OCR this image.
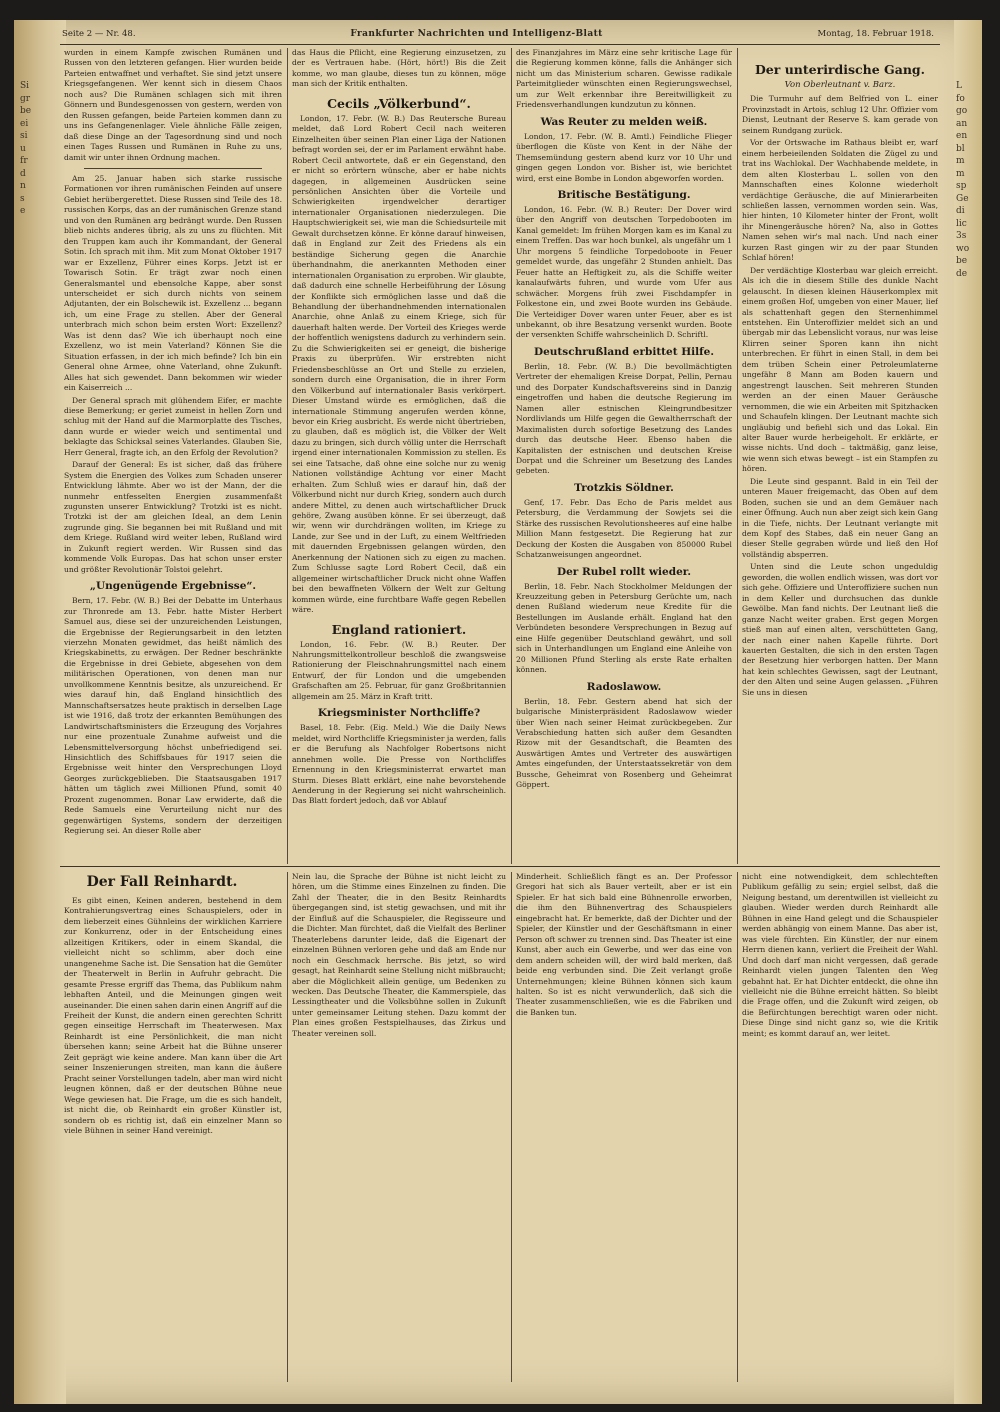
Si
gr
be
ei
si
u
fr
d
n
s
e
L
fo
go
an
en
bl
m
m
sp
Ge
di
lic
3s
wo
be
de
Seite 2 — Nr. 48.	Frankfurter Nachrichten und Intelligenz-Blatt	Montag, 18. Februar 1918.

wurden in einem Kampfe zwischen Rumänen und Russen von den letzteren gefangen. Hier wurden beide Parteien entwaffnet und verhaftet. Sie sind jetzt unsere Kriegsgefangenen. Wer kennt sich in diesem Chaos noch aus? Die Rumänen schlagen sich mit ihren Gönnern und Bundesgenossen von gestern, werden von den Russen gefangen, beide Parteien kommen dann zu uns ins Gefangenenlager. Viele ähnliche Fälle zeigen, daß diese Dinge an der Tagesordnung sind und noch einen Tages Russen und Rumänen in Ruhe zu uns, damit wir unter ihnen Ordnung machen.

Am 25. Januar haben sich starke russische Formationen vor ihren rumänischen Feinden auf unsere Gebiet herübergerettet. Diese Russen sind Teile des 18. russischen Korps, das an der rumänischen Grenze stand und von den Rumänen arg bedrängt wurde. Den Russen blieb nichts anderes übrig, als zu uns zu flüchten. Mit den Truppen kam auch ihr Kommandant, der General Sotin. Ich sprach mit ihm. Mit zum Monat Oktober 1917 war er Exzellenz, Führer eines Korps. Jetzt ist er Towarisch Sotin. Er trägt zwar noch einen Generalsmantel und ebensolche Kappe, aber sonst unterscheidet er sich durch nichts von seinem Adjutanten, der ein Bolschewik ist. Exzellenz ... begann ich, um eine Frage zu stellen. Aber der General unterbrach mich schon beim ersten Wort: Exzellenz? Was ist denn das? Wie ich überhaupt noch eine Exzellenz, wo ist mein Vaterland? Können Sie die Situation erfassen, in der ich mich befinde? Ich bin ein General ohne Armee, ohne Vaterland, ohne Zukunft. Alles hat sich gewendet. Dann bekommen wir wieder ein Kaiserreich ...

Der General sprach mit glühendem Eifer, er machte diese Bemerkung; er geriet zumeist in hellen Zorn und schlug mit der Hand auf die Marmorplatte des Tisches, dann wurde er wieder weich und sentimental und beklagte das Schicksal seines Vaterlandes. Glauben Sie, Herr General, fragte ich, an den Erfolg der Revolution?

Darauf der General: Es ist sicher, daß das frühere System die Energien des Volkes zum Schaden unserer Entwicklung lähmte. Aber wo ist der Mann, der die nunmehr entfesselten Energien zusammenfaßt zugunsten unserer Entwicklung? Trotzki ist es nicht. Trotzki ist der am gleichen Ideal, an dem Lenin zugrunde ging. Sie begannen bei mit Rußland und mit dem Kriege. Rußland wird weiter leben, Rußland wird in Zukunft regiert werden. Wir Russen sind das kommende Volk Europas. Das hat schon unser erster und größter Revolutionär Tolstoi gelehrt.

„Ungenügende Ergebnisse“.

Bern, 17. Febr. (W. B.) Bei der Debatte im Unterhaus zur Thronrede am 13. Febr. hatte Mister Herbert Samuel aus, diese sei der unzureichenden Leistungen, die Ergebnisse der Regierungsarbeit in den letzten vierzehn Monaten gewidmet, das heißt nämlich des Kriegskabinetts, zu erwägen. Der Redner beschränkte die Ergebnisse in drei Gebiete, abgesehen von dem militärischen Operationen, von denen man nur unvollkommene Kenntnis besitze, als unzureichend. Er wies darauf hin, daß England hinsichtlich des Mannschaftsersatzes heute praktisch in derselben Lage ist wie 1916, daß trotz der erkannten Bemühungen des Landwirtschaftsministers die Erzeugung des Vorjahres nur eine prozentuale Zunahme aufweist und die Lebensmittelversorgung höchst unbefriedigend sei. Hinsichtlich des Schiffsbaues für 1917 seien die Ergebnisse weit hinter den Versprechungen Lloyd Georges zurückgeblieben. Die Staatsausgaben 1917 hätten um täglich zwei Millionen Pfund, somit 40 Prozent zugenommen. Bonar Law erwiderte, daß die Rede Samuels eine Verurteilung nicht nur des gegenwärtigen Systems, sondern der derzeitigen Regierung sei. An dieser Rolle aber

das Haus die Pflicht, eine Regierung einzusetzen, zu der es Vertrauen habe. (Hört, hört!) Bis die Zeit komme, wo man glaube, dieses tun zu können, möge man sich der Kritik enthalten.

Cecils „Völkerbund“.

London, 17. Febr. (W. B.) Das Reutersche Bureau meldet, daß Lord Robert Cecil nach weiteren Einzelheiten über seinen Plan einer Liga der Nationen befragt worden sei, der er im Parlament erwähnt habe. Robert Cecil antwortete, daß er ein Gegenstand, den er nicht so erörtern wünsche, aber er habe nichts dagegen, in allgemeinen Ausdrücken seine persönlichen Ansichten über die Vorteile und Schwierigkeiten irgendwelcher derartiger internationaler Organisationen niederzulegen. Die Hauptschwierigkeit sei, wie man die Schiedsurteile mit Gewalt durchsetzen könne. Er könne darauf hinweisen, daß in England zur Zeit des Friedens als ein beständige Sicherung gegen die Anarchie überhandnahm, die anerkannten Methoden einer internationalen Organisation zu erproben. Wir glaubte, daß dadurch eine schnelle Herbeiführung der Lösung der Konflikte sich ermöglichen lasse und daß die Behandlung der überhandnehmenden internationalen Anarchie, ohne Anlaß zu einem Kriege, sich für dauerhaft halten werde. Der Vorteil des Krieges werde der hoffentlich wenigstens dadurch zu verhindern sein. Zu die Schwierigkeiten sei er geneigt, die bisherige Praxis zu überprüfen. Wir erstrebten nicht Friedensbeschlüsse an Ort und Stelle zu erzielen, sondern durch eine Organisation, die in ihrer Form den Völkerbund auf internationaler Basis verkörpert. Dieser Umstand würde es ermöglichen, daß die internationale Stimmung angerufen werden könne, bevor ein Krieg ausbricht. Es werde nicht übertrieben, zu glauben, daß es möglich ist, die Völker der Welt dazu zu bringen, sich durch völlig unter die Herrschaft irgend einer internationalen Kommission zu stellen. Es sei eine Tatsache, daß ohne eine solche nur zu wenig Nationen vollständige Achtung vor einer Macht erhalten. Zum Schluß wies er darauf hin, daß der Völkerbund nicht nur durch Krieg, sondern auch durch andere Mittel, zu denen auch wirtschaftlicher Druck gehöre, Zwang ausüben könne. Er sei überzeugt, daß wir, wenn wir durchdrängen wollten, im Kriege zu Lande, zur See und in der Luft, zu einem Weltfrieden mit dauernden Ergebnissen gelangen würden, den Anerkennung der Nationen sich zu eigen zu machen. Zum Schlusse sagte Lord Robert Cecil, daß ein allgemeiner wirtschaftlicher Druck nicht ohne Waffen bei den bewaffneten Völkern der Welt zur Geltung kommen würde, eine furchtbare Waffe gegen Rebellen wäre.

England rationiert.

London, 16. Febr. (W. B.) Reuter. Der Nahrungsmittelkontrolleur beschloß die zwangsweise Rationierung der Fleischnahrungsmittel nach einem Entwurf, der für London und die umgebenden Grafschaften am 25. Februar, für ganz Großbritannien allgemein am 25. März in Kraft tritt.

Kriegsminister Northcliffe?

Basel, 18. Febr. (Eig. Meld.) Wie die Daily News meldet, wird Northcliffe Kriegsminister ja werden, falls er die Berufung als Nachfolger Robertsons nicht annehmen wolle. Die Presse von Northcliffes Ernennung in den Kriegsministerrat erwartet man Sturm. Dieses Blatt erklärt, eine nahe bevorstehende Aenderung in der Regierung sei nicht wahrscheinlich. Das Blatt fordert jedoch, daß vor Ablauf

des Finanzjahres im März eine sehr kritische Lage für die Regierung kommen könne, falls die Anhänger sich nicht um das Ministerium scharen. Gewisse radikale Parteimitglieder wünschten einen Regierungswechsel, um zur Welt erkennbar ihre Bereitwilligkeit zu Friedensverhandlungen kundzutun zu können.

Was Reuter zu melden weiß.

London, 17. Febr. (W. B. Amtl.) Feindliche Flieger überflogen die Küste von Kent in der Nähe der Themsemündung gestern abend kurz vor 10 Uhr und gingen gegen London vor. Bisher ist, wie berichtet wird, erst eine Bombe in London abgeworfen worden.

Britische Bestätigung.

London, 16. Febr. (W. B.) Reuter: Der Dover wird über den Angriff von deutschen Torpedobooten im Kanal gemeldet: Im frühen Morgen kam es im Kanal zu einem Treffen. Das war hoch bunkel, als ungefähr um 1 Uhr morgens 5 feindliche Torpedoboote in Feuer gemeldet wurde, das ungefähr 2 Stunden anhielt. Das Feuer hatte an Heftigkeit zu, als die Schiffe weiter kanalaufwärts fuhren, und wurde vom Ufer aus schwächer. Morgens früh zwei Fischdampfer in Folkestone ein, und zwei Boote wurden ins Gebäude. Die Verteidiger Dover waren unter Feuer, aber es ist unbekannt, ob ihre Besatzung versenkt wurden. Boote der versenkten Schiffe wahrscheinlich D. Schriftl.

Deutschrußland erbittet Hilfe.

Berlin, 18. Febr. (W. B.) Die bevollmächtigten Vertreter der ehemaligen Kreise Dorpat, Pellin, Pernau und des Dorpater Kundschaftsvereins sind in Danzig eingetroffen und haben die deutsche Regierung im Namen aller estnischen Kleingrundbesitzer Nordlivlands um Hilfe gegen die Gewaltherrschaft der Maximalisten durch sofortige Besetzung des Landes durch das deutsche Heer. Ebenso haben die Kapitalisten der estnischen und deutschen Kreise Dorpat und die Schreiner um Besetzung des Landes gebeten.

Trotzkis Söldner.

Genf, 17. Febr. Das Echo de Paris meldet aus Petersburg, die Verdammung der Sowjets sei die Stärke des russischen Revolutionsheeres auf eine halbe Million Mann festgesetzt. Die Regierung hat zur Deckung der Kosten die Ausgaben von 850000 Rubel Schatzanweisungen angeordnet.

Der Rubel rollt wieder.

Berlin, 18. Febr. Nach Stockholmer Meldungen der Kreuzzeitung geben in Petersburg Gerüchte um, nach denen Rußland wiederum neue Kredite für die Bestellungen im Auslande erhält. England hat den Verbündeten besondere Versprechungen in Bezug auf eine Hilfe gegenüber Deutschland gewährt, und soll sich in Unterhandlungen um England eine Anleihe von 20 Millionen Pfund Sterling als erste Rate erhalten können.

Radoslawow.

Berlin, 18. Febr. Gestern abend hat sich der bulgarische Ministerpräsident Radoslawow wieder über Wien nach seiner Heimat zurückbegeben. Zur Verabschiedung hatten sich außer dem Gesandten Rizow mit der Gesandtschaft, die Beamten des Auswärtigen Amtes und Vertreter des auswärtigen Amtes eingefunden, der Unterstaatssekretär von dem Bussche, Geheimrat von Rosenberg und Geheimrat Göppert.

Der unterirdische Gang.
Von Oberleutnant v. Barz.

Die Turmuhr auf dem Belfried von L. einer Provinzstadt in Artois, schlug 12 Uhr. Offizier vom Dienst, Leutnant der Reserve S. kam gerade von seinem Rundgang zurück.

Vor der Ortswache im Rathaus bleibt er, warf einem herbeieilenden Soldaten die Zügel zu und trat ins Wachlokal. Der Wachhabende meldete, in dem alten Klosterbau L. sollen von den Mannschaften eines Kolonne wiederholt verdächtige Geräusche, die auf Minierarbeiten schließen lassen, vernommen worden sein. Was, hier hinten, 10 Kilometer hinter der Front, wollt ihr Minengeräusche hören? Na, also in Gottes Namen sehen wir's mal nach. Und nach einer kurzen Rast gingen wir zu der paar Stunden Schlaf hören!

Der verdächtige Klosterbau war gleich erreicht. Als ich die in diesem Stille des dunkle Nacht gelauscht. In diesen kleinen Häuserkomplex mit einem großen Hof, umgeben von einer Mauer, lief als schattenhaft gegen den Sternenhimmel entstehen. Ein Unteroffizier meldet sich an und übergab mir das Lebenslicht voraus, nur was leise Klirren seiner Sporen kann ihn nicht unterbrechen. Er führt in einen Stall, in dem bei dem trüben Schein einer Petroleumlaterne ungefähr 8 Mann am Boden kauern und angestrengt lauschen. Seit mehreren Stunden werden an der einen Mauer Geräusche vernommen, die wie ein Arbeiten mit Spitzhacken und Schaufeln klingen. Der Leutnant machte sich ungläubig und befiehl sich und das Lokal. Ein alter Bauer wurde herbeigeholt. Er erklärte, er wisse nichts. Und doch – taktmäßig, ganz leise, wie wenn sich etwas bewegt – ist ein Stampfen zu hören.

Die Leute sind gespannt. Bald in ein Teil der unteren Mauer freigemacht, das Oben auf dem Boden, suchen sie und an dem Gemäuer nach einer Öffnung. Auch nun aber zeigt sich kein Gang in die Tiefe, nichts. Der Leutnant verlangte mit dem Kopf des Stabes, daß ein neuer Gang an dieser Stelle gegraben würde und ließ den Hof vollständig absperren.

Unten sind die Leute schon ungeduldig geworden, die wollen endlich wissen, was dort vor sich gehe. Offiziere und Unteroffiziere suchen nun in dem Keller und durchsuchen das dunkle Gewölbe. Man fand nichts. Der Leutnant ließ die ganze Nacht weiter graben. Erst gegen Morgen stieß man auf einen alten, verschütteten Gang, der nach einer nahen Kapelle führte. Dort kauerten Gestalten, die sich in den ersten Tagen der Besetzung hier verborgen hatten. Der Mann hat kein schlechtes Gewissen, sagt der Leutnant, der den Alten und seine Augen gelassen. „Führen Sie uns in diesen

Der Fall Reinhardt.

Es gibt einen, Keinen anderen, bestehend in dem Kontrahierungsvertrag eines Schauspielers, oder in dem lieberzeit eines Gühnleins der wirklichen Karriere zur Konkurrenz, oder in der Entscheidung eines allzeitigen Kritikers, oder in einem Skandal, die vielleicht nicht so schlimm, aber doch eine unangenehme Sache ist. Die Sensation hat die Gemüter der Theaterwelt in Berlin in Aufruhr gebracht. Die gesamte Presse ergriff das Thema, das Publikum nahm lebhaften Anteil, und die Meinungen gingen weit auseinander. Die einen sahen darin einen Angriff auf die Freiheit der Kunst, die andern einen gerechten Schritt gegen einseitige Herrschaft im Theaterwesen. Max Reinhardt ist eine Persönlichkeit, die man nicht übersehen kann; seine Arbeit hat die Bühne unserer Zeit geprägt wie keine andere. Man kann über die Art seiner Inszenierungen streiten, man kann die äußere Pracht seiner Vorstellungen tadeln, aber man wird nicht leugnen können, daß er der deutschen Bühne neue Wege gewiesen hat. Die Frage, um die es sich handelt, ist nicht die, ob Reinhardt ein großer Künstler ist, sondern ob es richtig ist, daß ein einzelner Mann so viele Bühnen in seiner Hand vereinigt.

Nein lau, die Sprache der Bühne ist nicht leicht zu hören, um die Stimme eines Einzelnen zu finden. Die Zahl der Theater, die in den Besitz Reinhardts übergegangen sind, ist stetig gewachsen, und mit ihr der Einfluß auf die Schauspieler, die Regisseure und die Dichter. Man fürchtet, daß die Vielfalt des Berliner Theaterlebens darunter leide, daß die Eigenart der einzelnen Bühnen verloren gehe und daß am Ende nur noch ein Geschmack herrsche. Bis jetzt, so wird gesagt, hat Reinhardt seine Stellung nicht mißbraucht; aber die Möglichkeit allein genüge, um Bedenken zu wecken. Das Deutsche Theater, die Kammerspiele, das Lessingtheater und die Volksbühne sollen in Zukunft unter gemeinsamer Leitung stehen. Dazu kommt der Plan eines großen Festspielhauses, das Zirkus und Theater vereinen soll.

Minderheit. Schließlich fängt es an. Der Professor Gregori hat sich als Bauer verteilt, aber er ist ein Spieler. Er hat sich bald eine Bühnenrolle erworben, die ihm den Bühnenvertrag des Schauspielers eingebracht hat. Er bemerkte, daß der Dichter und der Spieler, der Künstler und der Geschäftsmann in einer Person oft schwer zu trennen sind. Das Theater ist eine Kunst, aber auch ein Gewerbe, und wer das eine von dem andern scheiden will, der wird bald merken, daß beide eng verbunden sind. Die Zeit verlangt große Unternehmungen; kleine Bühnen können sich kaum halten. So ist es nicht verwunderlich, daß sich die Theater zusammenschließen, wie es die Fabriken und die Banken tun.

nicht eine notwendigkeit, dem schlechteften Publikum gefällig zu sein; ergiel selbst, daß die Neigung bestand, um derentwillen ist vielleicht zu glauben. Wieder werden durch Reinhardt alle Bühnen in eine Hand gelegt und die Schauspieler werden abhängig von einem Manne. Das aber ist, was viele fürchten. Ein Künstler, der nur einem Herrn dienen kann, verliert die Freiheit der Wahl. Und doch darf man nicht vergessen, daß gerade Reinhardt vielen jungen Talenten den Weg gebahnt hat. Er hat Dichter entdeckt, die ohne ihn vielleicht nie die Bühne erreicht hätten. So bleibt die Frage offen, und die Zukunft wird zeigen, ob die Befürchtungen berechtigt waren oder nicht. Diese Dinge sind nicht ganz so, wie die Kritik meint; es kommt darauf an, wer leitet.
